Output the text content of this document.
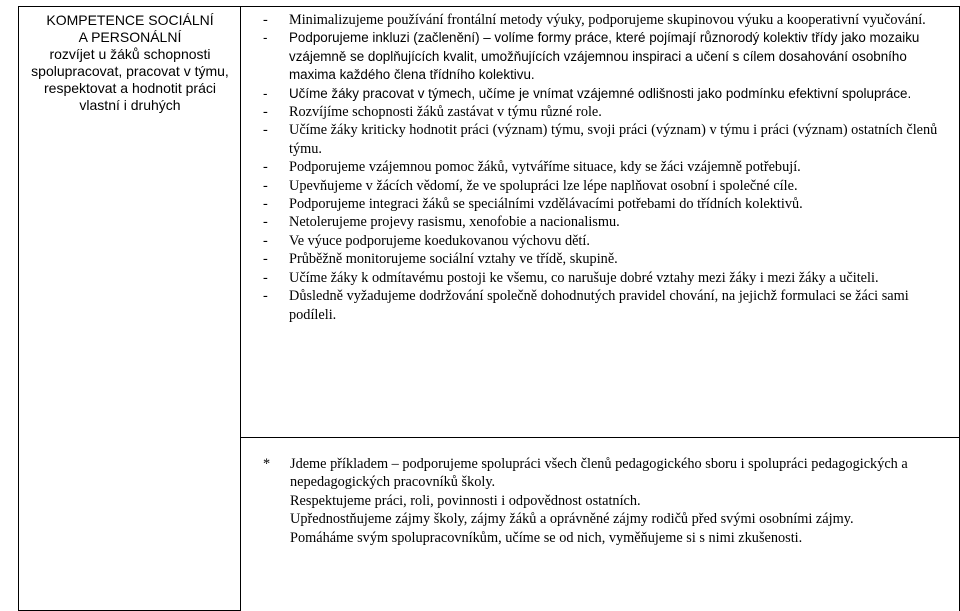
KOMPETENCE SOCIÁLNÍ
A PERSONÁLNÍ
rozvíjet u žáků schopnosti spolupracovat, pracovat v týmu, respektovat a hodnotit práci vlastní i druhých
- Minimalizujeme používání frontální metody výuky, podporujeme skupinovou výuku a kooperativní vyučování.
- Podporujeme inkluzi (začlenění) – volíme formy práce, které pojímají různorodý kolektiv třídy jako mozaiku vzájemně se doplňujících kvalit, umožňujících vzájemnou inspiraci a učení s cílem dosahování osobního maxima každého člena třídního kolektivu.
- Učíme žáky pracovat v týmech, učíme je vnímat vzájemné odlišnosti jako podmínku efektivní spolupráce.
- Rozvíjíme schopnosti žáků zastávat v týmu různé role.
- Učíme žáky kriticky hodnotit práci (význam) týmu, svoji práci (význam) v týmu i práci (význam) ostatních členů týmu.
- Podporujeme vzájemnou pomoc žáků, vytváříme situace, kdy se žáci vzájemně potřebují.
- Upevňujeme v žácích vědomí, že ve spolupráci lze lépe naplňovat osobní i společné cíle.
- Podporujeme integraci žáků se speciálními vzdělávacími potřebami do třídních kolektivů.
- Netolerujeme projevy rasismu, xenofobie a nacionalismu.
- Ve výuce podporujeme koedukovanou výchovu dětí.
- Průběžně monitorujeme sociální vztahy ve třídě, skupině.
- Učíme žáky k odmítavému postoji ke všemu, co narušuje dobré vztahy mezi žáky i mezi žáky a učiteli.
- Důsledně vyžadujeme dodržování společně dohodnutých pravidel chování, na jejichž formulaci se žáci sami podíleli.
* Jdeme příkladem – podporujeme spolupráci všech členů pedagogického sboru i spolupráci pedagogických a nepedagogických pracovníků školy.
Respektujeme práci, roli, povinnosti i odpovědnost ostatních.
Upřednostňujeme zájmy školy, zájmy žáků a oprávněné zájmy rodičů před svými osobními zájmy.
Pomáháme svým spolupracovníkům, učíme se od nich, vyměňujeme si s nimi zkušenosti.
